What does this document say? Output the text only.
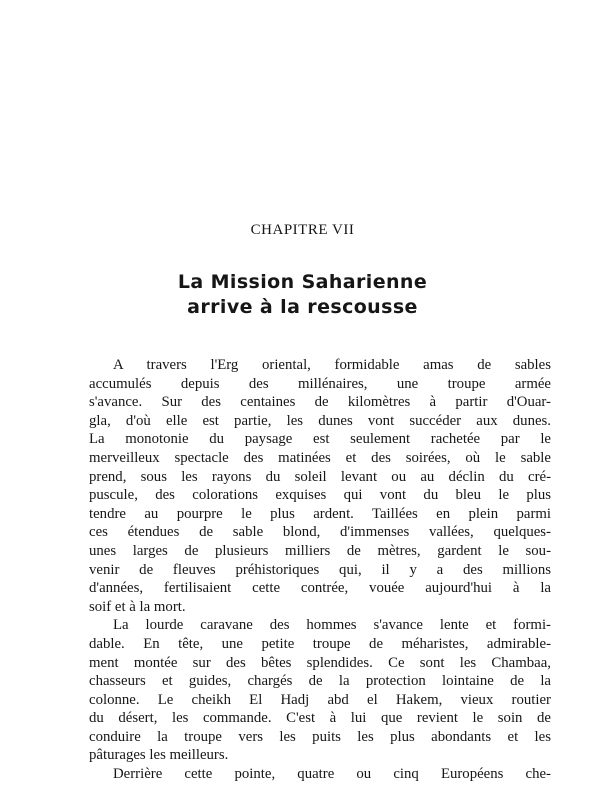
CHAPITRE VII
La Mission Saharienne
arrive à la rescousse
A travers l'Erg oriental, formidable amas de sables
accumulés depuis des millénaires, une troupe armée
s'avance. Sur des centaines de kilomètres à partir d'Ouar-
gla, d'où elle est partie, les dunes vont succéder aux dunes.
La monotonie du paysage est seulement rachetée par le
merveilleux spectacle des matinées et des soirées, où le sable
prend, sous les rayons du soleil levant ou au déclin du cré-
puscule, des colorations exquises qui vont du bleu le plus
tendre au pourpre le plus ardent. Taillées en plein parmi
ces étendues de sable blond, d'immenses vallées, quelques-
unes larges de plusieurs milliers de mètres, gardent le sou-
venir de fleuves préhistoriques qui, il y a des millions
d'années, fertilisaient cette contrée, vouée aujourd'hui à la
soif et à la mort.
La lourde caravane des hommes s'avance lente et formi-
dable. En tête, une petite troupe de méharistes, admirable-
ment montée sur des bêtes splendides. Ce sont les Chambaa,
chasseurs et guides, chargés de la protection lointaine de la
colonne. Le cheikh El Hadj abd el Hakem, vieux routier
du désert, les commande. C'est à lui que revient le soin de
conduire la troupe vers les puits les plus abondants et les
pâturages les meilleurs.
Derrière cette pointe, quatre ou cinq Européens che-
